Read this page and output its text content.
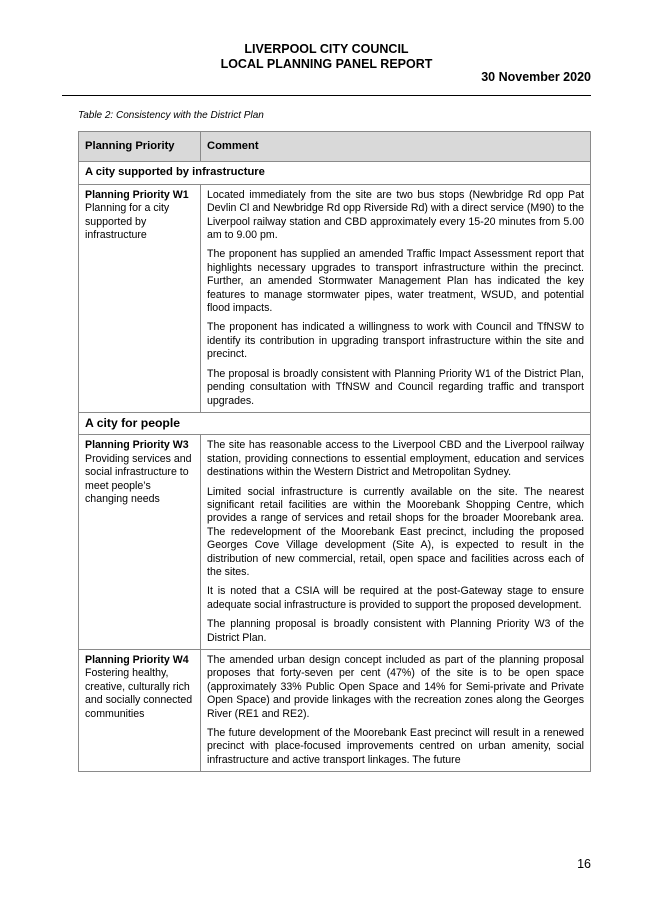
LIVERPOOL CITY COUNCIL
LOCAL PLANNING PANEL REPORT
30 November 2020
Table 2: Consistency with the District Plan
Planning Priority	Comment
A city supported by infrastructure	
Planning Priority W1 Planning for a city supported by infrastructure	Located immediately from the site are two bus stops (Newbridge Rd opp Pat Devlin Cl and Newbridge Rd opp Riverside Rd) with a direct service (M90) to the Liverpool railway station and CBD approximately every 15-20 minutes from 5.00 am to 9.00 pm.

The proponent has supplied an amended Traffic Impact Assessment report that highlights necessary upgrades to transport infrastructure within the precinct. Further, an amended Stormwater Management Plan has indicated the key features to manage stormwater pipes, water treatment, WSUD, and potential flood impacts.

The proponent has indicated a willingness to work with Council and TfNSW to identify its contribution in upgrading transport infrastructure within the site and precinct.

The proposal is broadly consistent with Planning Priority W1 of the District Plan, pending consultation with TfNSW and Council regarding traffic and transport upgrades.

A city for people	
Planning Priority W3 Providing services and social infrastructure to meet people’s changing needs	The site has reasonable access to the Liverpool CBD and the Liverpool railway station, providing connections to essential employment, education and services destinations within the Western District and Metropolitan Sydney.

Limited social infrastructure is currently available on the site. The nearest significant retail facilities are within the Moorebank Shopping Centre, which provides a range of services and retail shops for the broader Moorebank area. The redevelopment of the Moorebank East precinct, including the proposed Georges Cove Village development (Site A), is expected to result in the distribution of new commercial, retail, open space and facilities across each of the sites.

It is noted that a CSIA will be required at the post-Gateway stage to ensure adequate social infrastructure is provided to support the proposed development.

The planning proposal is broadly consistent with Planning Priority W3 of the District Plan.

Planning Priority W4 Fostering healthy, creative, culturally rich and socially connected communities	The amended urban design concept included as part of the planning proposal proposes that forty-seven per cent (47%) of the site is to be open space (approximately 33% Public Open Space and 14% for Semi-private and Private Open Space) and provide linkages with the recreation zones along the Georges River (RE1 and RE2).

The future development of the Moorebank East precinct will result in a renewed precinct with place-focused improvements centred on urban amenity, social infrastructure and active transport linkages. The future

16
